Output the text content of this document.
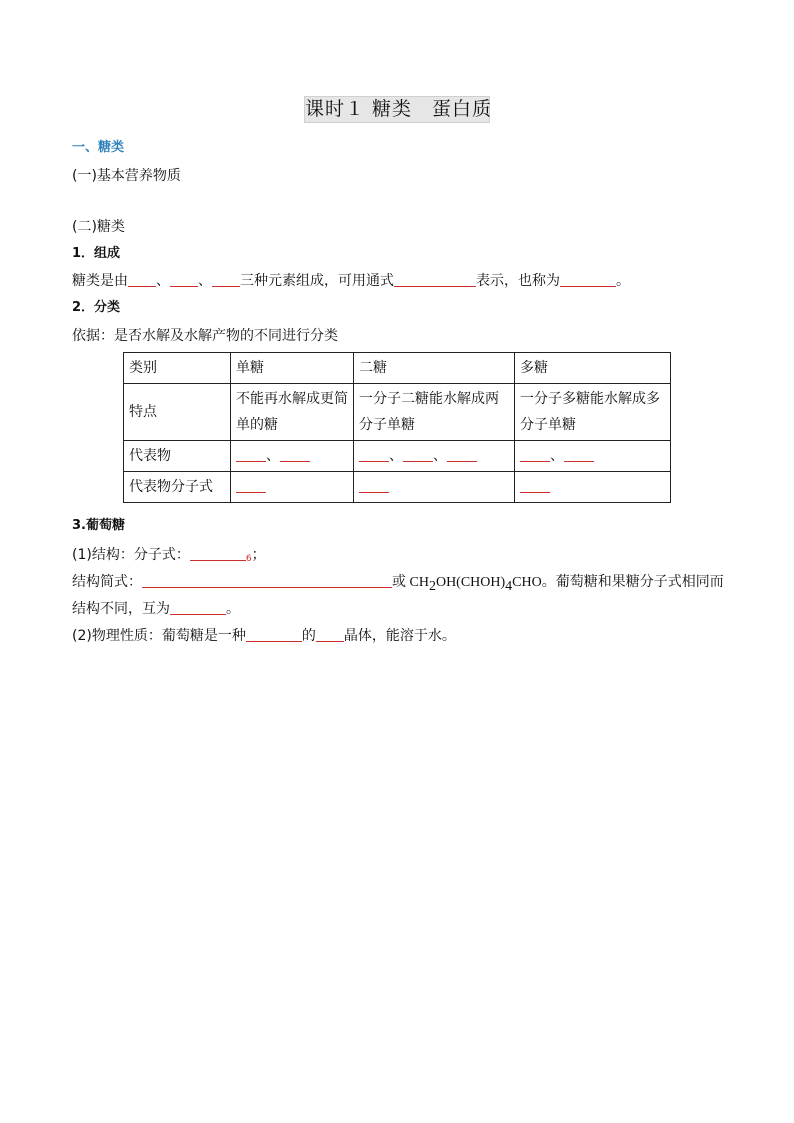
课时１ 糖类　蛋白质
一、糖类
(一)基本营养物质
(二)糖类
1．组成
糖类是由 、 、 三种元素组成，可用通式	表示，也称为	。
2．分类
依据：是否水解及水解产物的不同进行分类
类别	单糖	二糖	多糖
特点	不能再水解成更简单的糖	一分子二糖能水解成两分子单糖	一分子多糖能水解成多分子单糖
代表物	、	、 、	、
代表物分子式			
3.葡萄糖
(1)结构：分子式：	6；
结构简式：	或 $CH_2OH(CHOH)_4CHO$。葡萄糖和果糖分子式相同而
结构不同，互为	。
(2)物理性质：葡萄糖是一种	的 晶体，能溶于水。
